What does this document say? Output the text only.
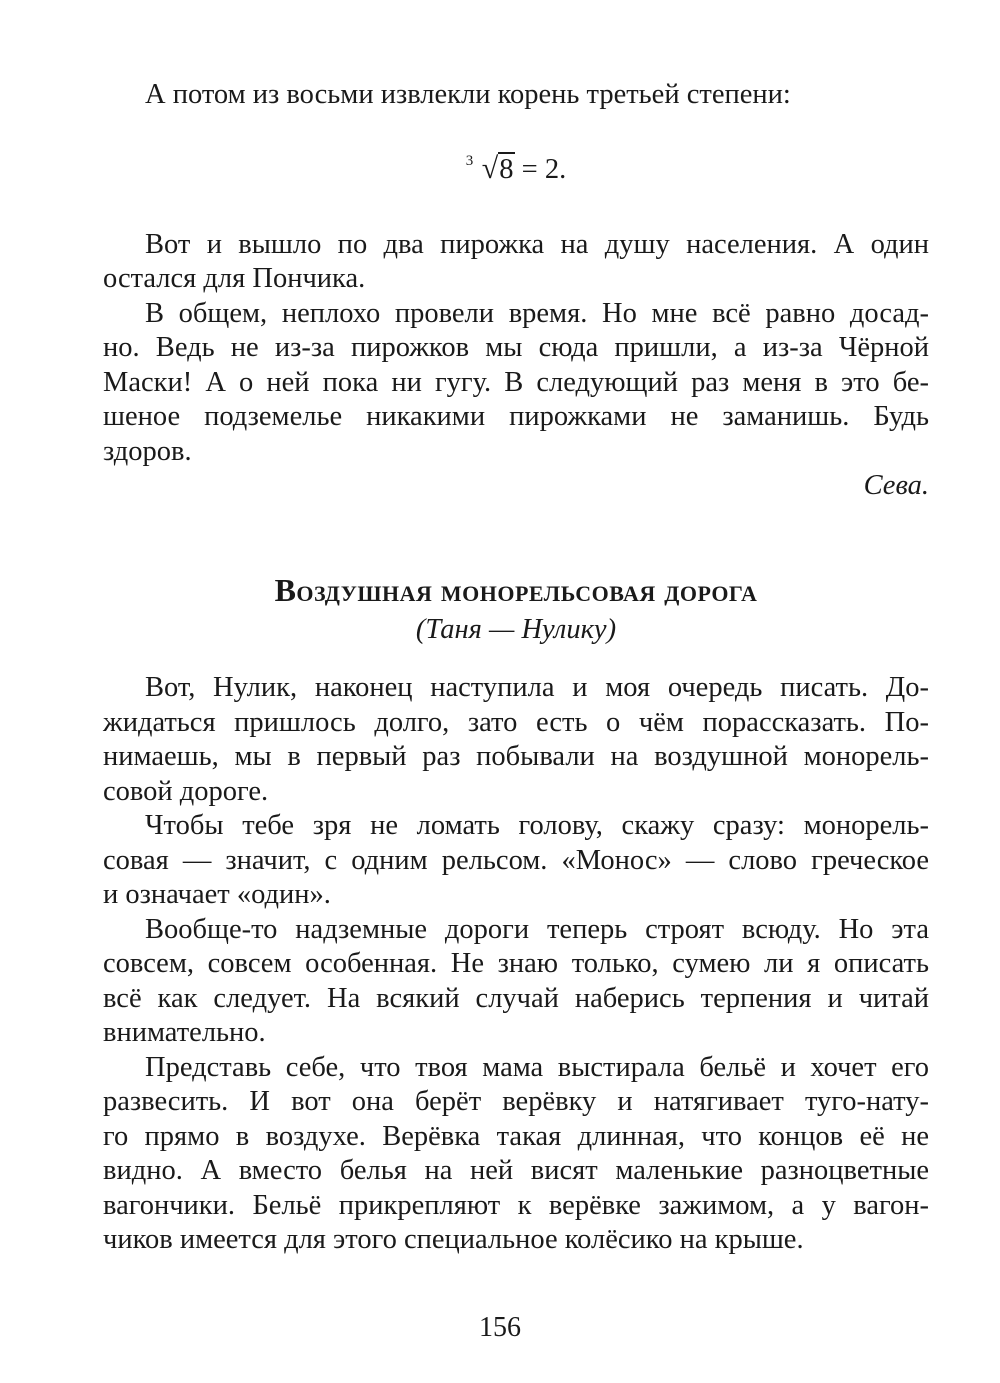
А потом из восьми извлекли корень третьей степени:

3 √8 = 2.

Вот и вышло по два пирожка на душу населения. А один
остался для Пончика.

В общем, неплохо провели время. Но мне всё равно досад-
но. Ведь не из-за пирожков мы сюда пришли, а из-за Чёрной
Маски! А о ней пока ни гугу. В следующий раз меня в это бе-
шеное подземелье никакими пирожками не заманишь. Будь
здоров.

Сева.

Воздушная монорельсовая дорога

(Таня — Нулику)

Вот, Нулик, наконец наступила и моя очередь писать. До-
жидаться пришлось долго, зато есть о чём порассказать. По-
нимаешь, мы в первый раз побывали на воздушной монорель-
совой дороге.

Чтобы тебе зря не ломать голову, скажу сразу: монорель-
совая — значит, с одним рельсом. «Монос» — слово греческое
и означает «один».

Вообще-то надземные дороги теперь строят всюду. Но эта
совсем, совсем особенная. Не знаю только, сумею ли я описать
всё как следует. На всякий случай наберись терпения и читай
внимательно.

Представь себе, что твоя мама выстирала бельё и хочет его
развесить. И вот она берёт верёвку и натягивает туго-нату-
го прямо в воздухе. Верёвка такая длинная, что концов её не
видно. А вместо белья на ней висят маленькие разноцветные
вагончики. Бельё прикрепляют к верёвке зажимом, а у вагон-
чиков имеется для этого специальное колёсико на крыше.

156
